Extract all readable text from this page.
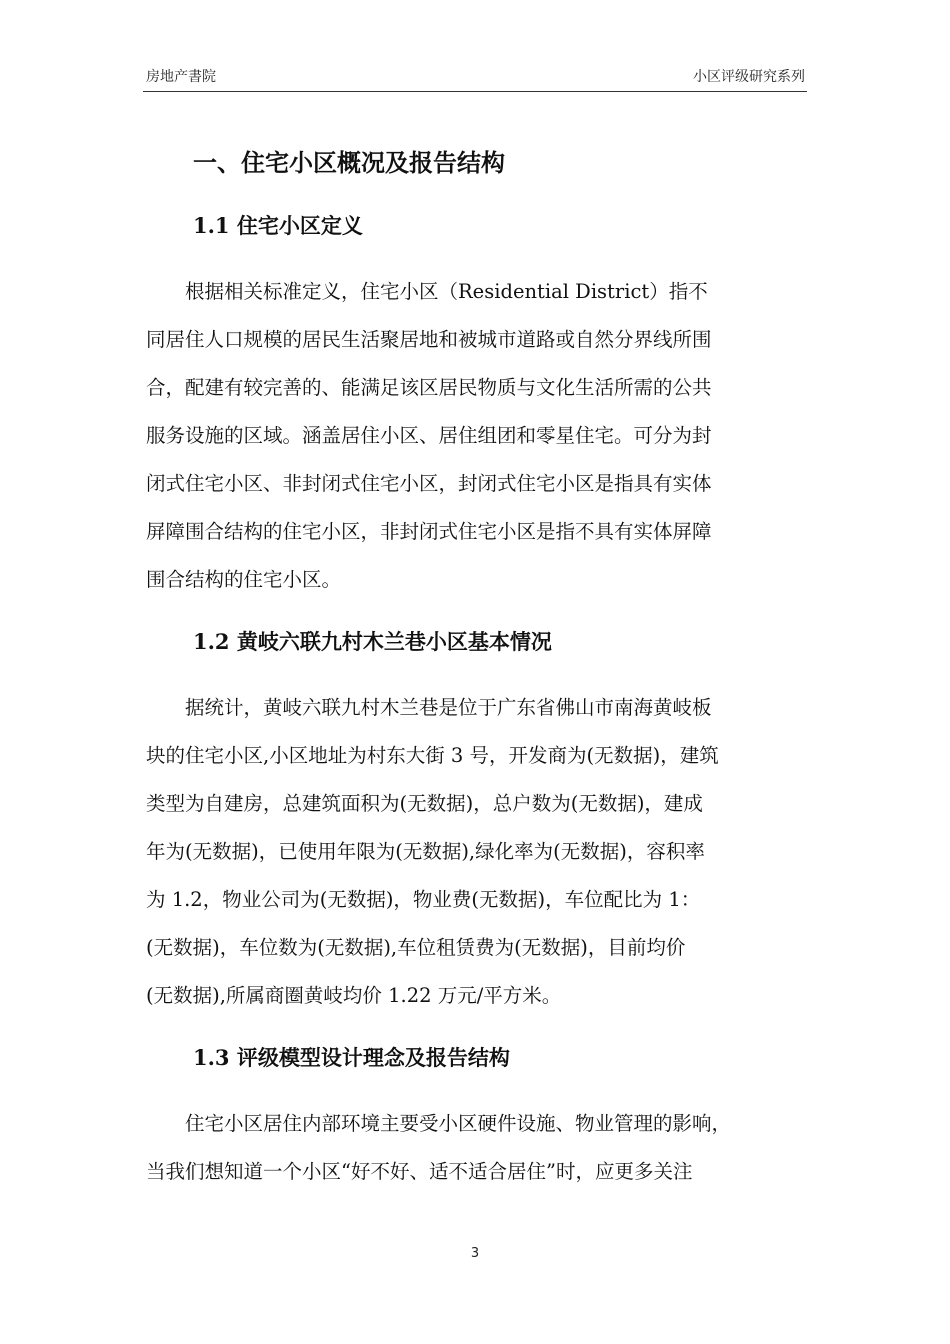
房地产書院	小区评级研究系列
一、住宅小区概况及报告结构
1.1 住宅小区定义

根据相关标准定义，住宅小区（Residential District）指不
同居住人口规模的居民生活聚居地和被城市道路或自然分界线所围
合，配建有较完善的、能满足该区居民物质与文化生活所需的公共
服务设施的区域。涵盖居住小区、居住组团和零星住宅。可分为封
闭式住宅小区、非封闭式住宅小区，封闭式住宅小区是指具有实体
屏障围合结构的住宅小区，非封闭式住宅小区是指不具有实体屏障
围合结构的住宅小区。

1.2 黄岐六联九村木兰巷小区基本情况

据统计，黄岐六联九村木兰巷是位于广东省佛山市南海黄岐板
块的住宅小区,小区地址为村东大街 3 号，开发商为(无数据)，建筑
类型为自建房，总建筑面积为(无数据)，总户数为(无数据)，建成
年为(无数据)，已使用年限为(无数据),绿化率为(无数据)，容积率
为 1.2，物业公司为(无数据)，物业费(无数据)，车位配比为 1：
(无数据)，车位数为(无数据),车位租赁费为(无数据)，目前均价
(无数据),所属商圈黄岐均价 1.22 万元/平方米。

1.3 评级模型设计理念及报告结构

住宅小区居住内部环境主要受小区硬件设施、物业管理的影响，
当我们想知道一个小区“好不好、适不适合居住”时，应更多关注

3
